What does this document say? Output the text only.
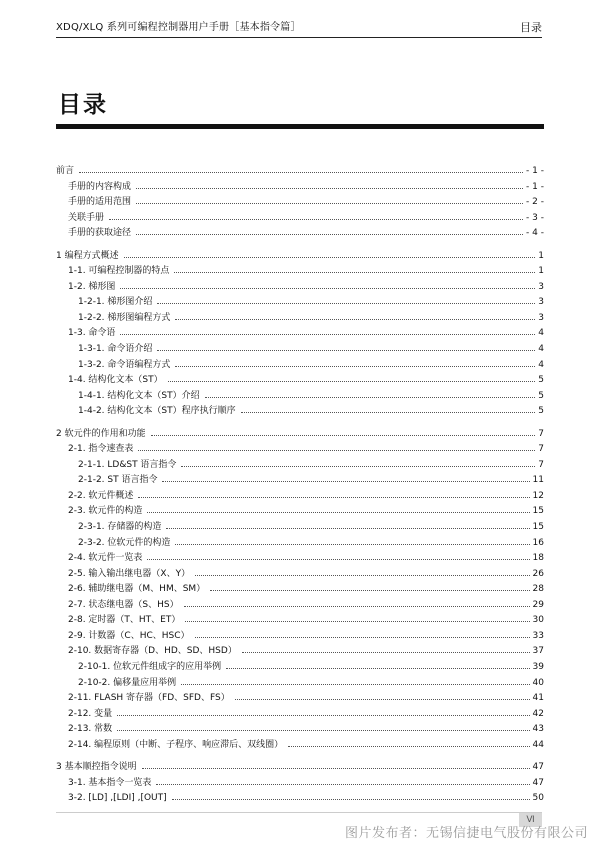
XDQ/XLQ 系列可编程控制器用户手册［基本指令篇］	目录
目录
前言	- 1 -
手册的内容构成	- 1 -
手册的适用范围	- 2 -
关联手册	- 3 -
手册的获取途径	- 4 -
1 编程方式概述	1
1-1. 可编程控制器的特点	1
1-2. 梯形图	3
1-2-1. 梯形图介绍	3
1-2-2. 梯形图编程方式	3
1-3. 命令语	4
1-3-1. 命令语介绍	4
1-3-2. 命令语编程方式	4
1-4. 结构化文本（ST）	5
1-4-1. 结构化文本（ST）介绍	5
1-4-2. 结构化文本（ST）程序执行顺序	5
2 软元件的作用和功能	7
2-1. 指令速查表	7
2-1-1. LD&ST 语言指令	7
2-1-2. ST 语言指令	11
2-2. 软元件概述	12
2-3. 软元件的构造	15
2-3-1. 存储器的构造	15
2-3-2. 位软元件的构造	16
2-4. 软元件一览表	18
2-5. 输入输出继电器（X、Y）	26
2-6. 辅助继电器（M、HM、SM）	28
2-7. 状态继电器（S、HS）	29
2-8. 定时器（T、HT、ET）	30
2-9. 计数器（C、HC、HSC）	33
2-10. 数据寄存器（D、HD、SD、HSD）	37
2-10-1. 位软元件组成字的应用举例	39
2-10-2. 偏移量应用举例	40
2-11. FLASH 寄存器（FD、SFD、FS）	41
2-12. 变量	42
2-13. 常数	43
2-14. 编程原则（中断、子程序、响应滞后、双线圈）	44
3 基本顺控指令说明	47
3-1. 基本指令一览表	47
3-2. [LD] ,[LDI] ,[OUT]	50
Ⅵ
图片发布者：无锡信捷电气股份有限公司
